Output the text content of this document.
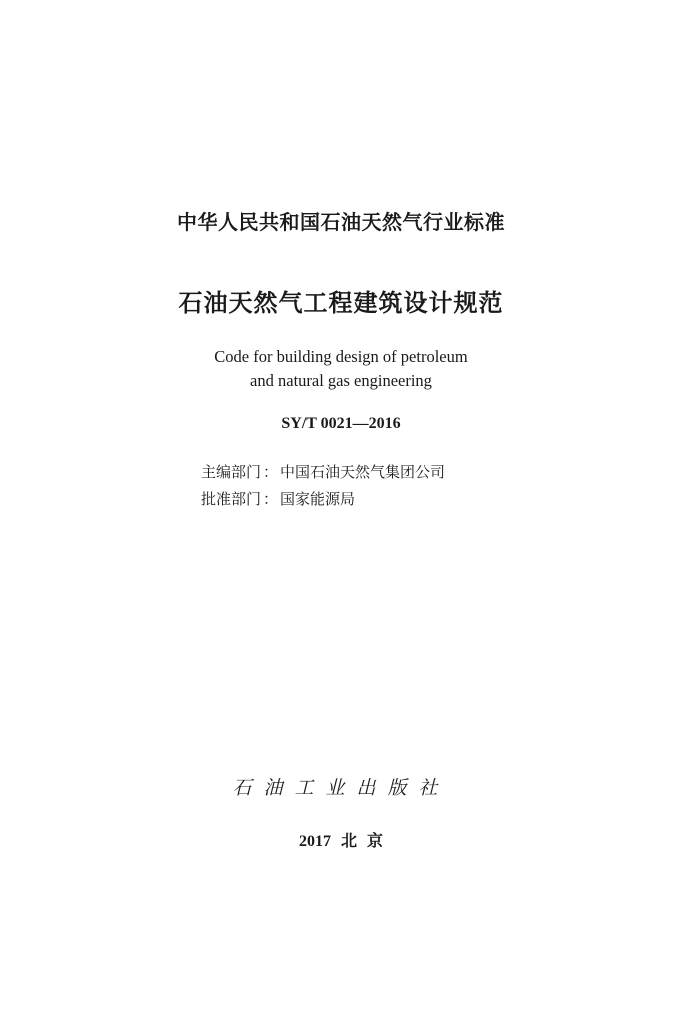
中华人民共和国石油天然气行业标准
石油天然气工程建筑设计规范
Code for building design of petroleum
and natural gas engineering
SY/T 0021—2016
主编部门 ： 中国石油天然气集团公司
批准部门 ： 国家能源局
石油工业出版社
2017 北 京
